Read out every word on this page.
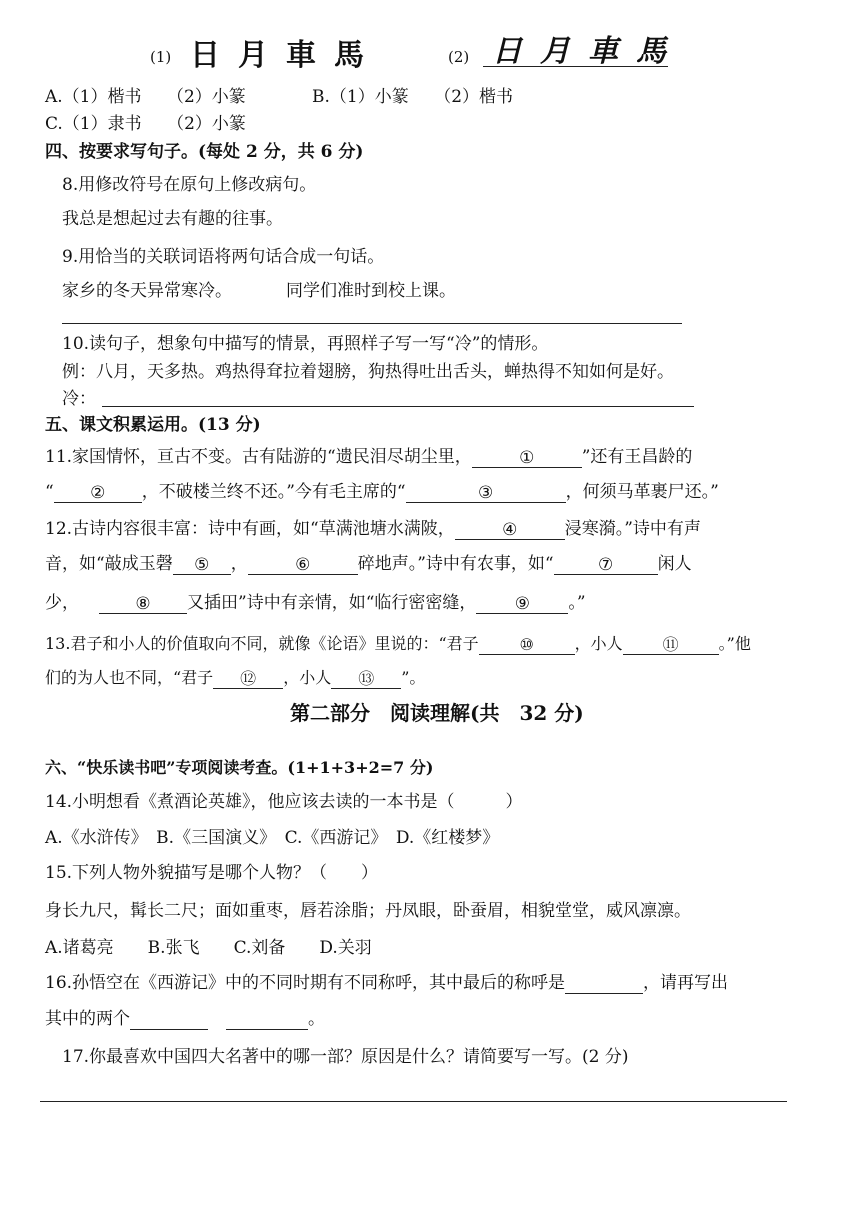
(1) 日月車馬	(2) 日月車馬
A.（1）楷书　　（2）小篆	B.（1）小篆　　（2）楷书
C.（1）隶书　　（2）小篆
四、按要求写句子。(每处 2 分，共 6 分)
8.用修改符号在原句上修改病句。
我总是想起过去有趣的往事。
9.用恰当的关联词语将两句话合成一句话。
家乡的冬天异常寒冷。	同学们准时到校上课。
10.读句子，想象句中描写的情景，再照样子写一写“冷”的情形。
例：八月，天多热。鸡热得耷拉着翅膀，狗热得吐出舌头，蝉热得不知如何是好。
冷：
五、课文积累运用。(13 分)
11.家国情怀，亘古不变。古有陆游的“遗民泪尽胡尘里，	①	”还有王昌龄的
“ ② ，不破楼兰终不还。”今有毛主席的“	③	，何须马革裹尸还。”
12.古诗内容很丰富：诗中有画，如“草满池塘水满陂，	④	浸寒漪。”诗中有声
音，如“敲成玉磬 ⑤ ，	⑥	碎地声。”诗中有农事，如“	⑦	闲人
少，	⑧ 又插田”诗中有亲情，如“临行密密缝， ⑨ 。”
13.君子和小人的价值取向不同，就像《论语》里说的：“君子	⑩	，小人 ⑪	。”他
们的为人也不同，“君子 ⑫ ，小人 ⑬ ”。
第二部分　阅读理解(共　32 分)
六、“快乐读书吧”专项阅读考查。(1+1+3+2=7 分)
14.小明想看《煮酒论英雄》，他应该去读的一本书是（　　　）
A.《水浒传》　B.《三国演义》　C.《西游记》　D.《红楼梦》
15.下列人物外貌描写是哪个人物？（　　）
身长九尺，髯长二尺；面如重枣，唇若涂脂；丹凤眼，卧蚕眉，相貌堂堂，威风凛凛。
A.诸葛亮　　B.张飞　　C.刘备　　D.关羽
16.孙悟空在《西游记》中的不同时期有不同称呼，其中最后的称呼是	，请再写出
其中的两个	。
17.你最喜欢中国四大名著中的哪一部？原因是什么？请简要写一写。(2 分)
